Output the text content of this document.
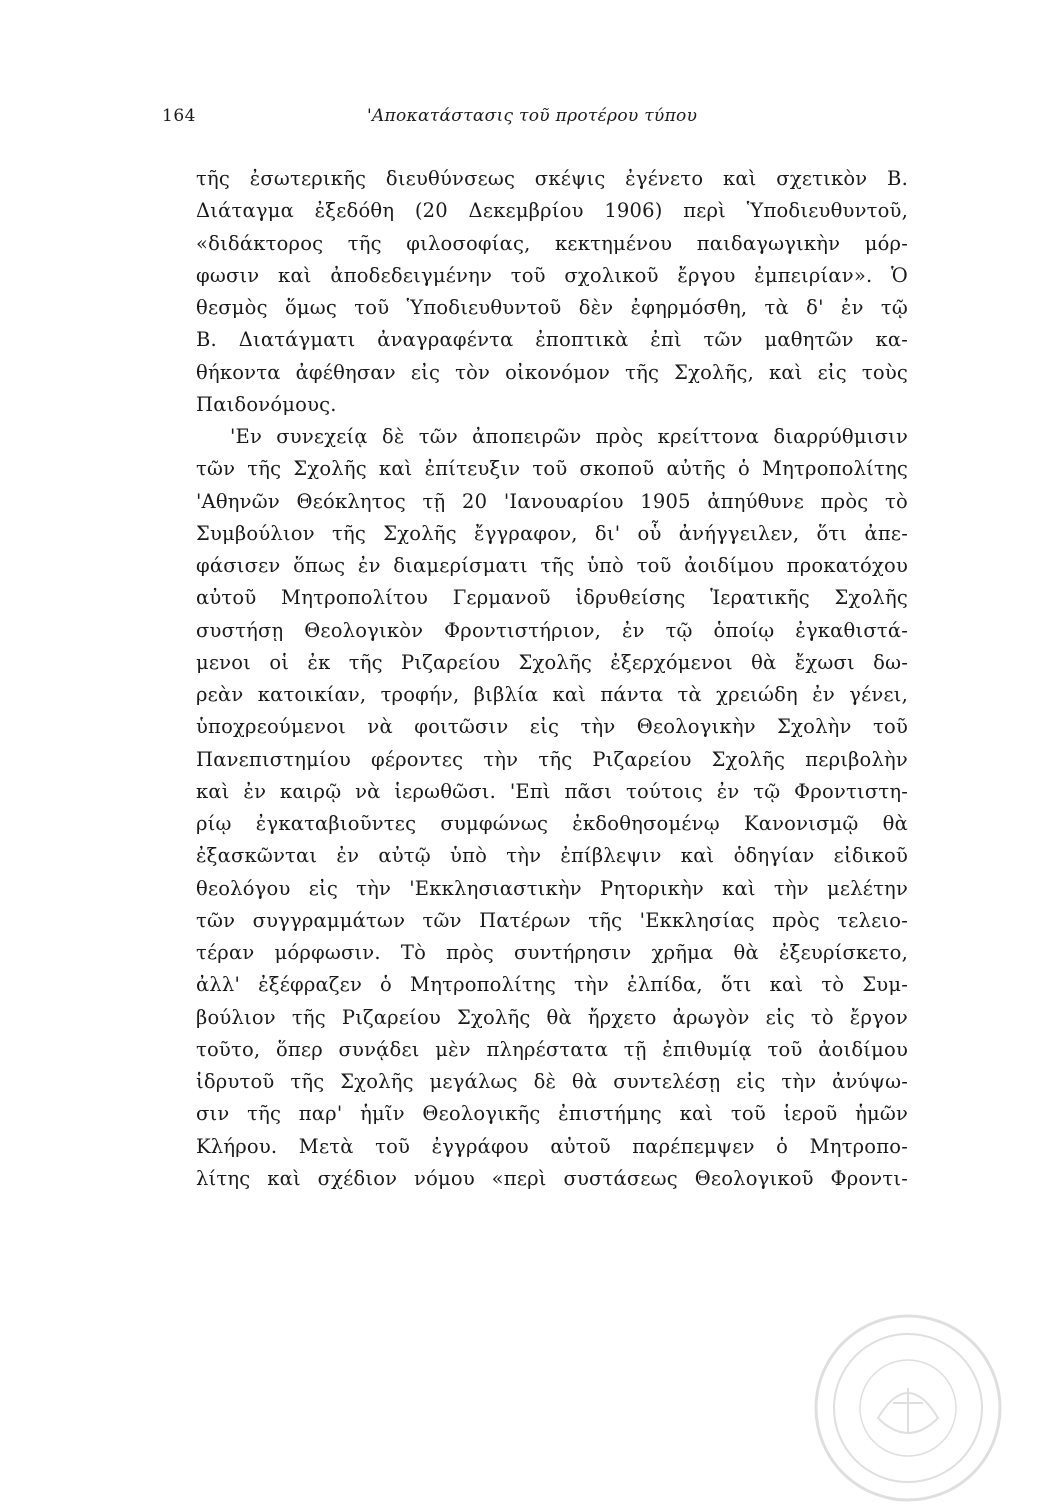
164	'Αποκατάστασις τοῦ προτέρου τύπου
τῆς ἐσωτερικῆς διευθύνσεως σκέψις ἐγένετο καὶ σχετικὸν Β.
Διάταγμα ἐξεδόθη (20 Δεκεμβρίου 1906) περὶ Ὑποδιευθυντοῦ,
«διδάκτορος τῆς φιλοσοφίας, κεκτημένου παιδαγωγικὴν μόρ-
φωσιν καὶ ἀποδεδειγμένην τοῦ σχολικοῦ ἔργου ἐμπειρίαν». Ὁ
θεσμὸς ὅμως τοῦ Ὑποδιευθυντοῦ δὲν ἐφηρμόσθη, τὰ δ' ἐν τῷ
Β. Διατάγματι ἀναγραφέντα ἐποπτικὰ ἐπὶ τῶν μαθητῶν κα-
θήκοντα ἀφέθησαν εἰς τὸν οἰκονόμον τῆς Σχολῆς, καὶ εἰς τοὺς
Παιδονόμους.
'Εν συνεχείᾳ δὲ τῶν ἀποπειρῶν πρὸς κρείττονα διαρρύθμισιν
τῶν τῆς Σχολῆς καὶ ἐπίτευξιν τοῦ σκοποῦ αὐτῆς ὁ Μητροπολίτης
'Αθηνῶν Θεόκλητος τῇ 20 'Ιανουαρίου 1905 ἀπηύθυνε πρὸς τὸ
Συμβούλιον τῆς Σχολῆς ἔγγραφον, δι' οὗ ἀνήγγειλεν, ὅτι ἀπε-
φάσισεν ὅπως ἐν διαμερίσματι τῆς ὑπὸ τοῦ ἀοιδίμου προκατόχου
αὐτοῦ Μητροπολίτου Γερμανοῦ ἱδρυθείσης Ἱερατικῆς Σχολῆς
συστήσῃ Θεολογικὸν Φροντιστήριον, ἐν τῷ ὁποίῳ ἐγκαθιστά-
μενοι οἱ ἐκ τῆς Ριζαρείου Σχολῆς ἐξερχόμενοι θὰ ἔχωσι δω-
ρεὰν κατοικίαν, τροφήν, βιβλία καὶ πάντα τὰ χρειώδη ἐν γένει,
ὑποχρεούμενοι νὰ φοιτῶσιν εἰς τὴν Θεολογικὴν Σχολὴν τοῦ
Πανεπιστημίου φέροντες τὴν τῆς Ριζαρείου Σχολῆς περιβολὴν
καὶ ἐν καιρῷ νὰ ἱερωθῶσι. 'Επὶ πᾶσι τούτοις ἐν τῷ Φροντιστη-
ρίῳ ἐγκαταβιοῦντες συμφώνως ἐκδοθησομένῳ Κανονισμῷ θὰ
ἐξασκῶνται ἐν αὐτῷ ὑπὸ τὴν ἐπίβλεψιν καὶ ὁδηγίαν εἰδικοῦ
θεολόγου εἰς τὴν 'Εκκλησιαστικὴν Ρητορικὴν καὶ τὴν μελέτην
τῶν συγγραμμάτων τῶν Πατέρων τῆς 'Εκκλησίας πρὸς τελειο-
τέραν μόρφωσιν. Τὸ πρὸς συντήρησιν χρῆμα θὰ ἐξευρίσκετο,
ἀλλ' ἐξέφραζεν ὁ Μητροπολίτης τὴν ἐλπίδα, ὅτι καὶ τὸ Συμ-
βούλιον τῆς Ριζαρείου Σχολῆς θὰ ἤρχετο ἀρωγὸν εἰς τὸ ἔργον
τοῦτο, ὅπερ συνᾴδει μὲν πληρέστατα τῇ ἐπιθυμίᾳ τοῦ ἀοιδίμου
ἱδρυτοῦ τῆς Σχολῆς μεγάλως δὲ θὰ συντελέσῃ εἰς τὴν ἀνύψω-
σιν τῆς παρ' ἡμῖν Θεολογικῆς ἐπιστήμης καὶ τοῦ ἱεροῦ ἡμῶν
Κλήρου. Μετὰ τοῦ ἐγγράφου αὐτοῦ παρέπεμψεν ὁ Μητροπο-
λίτης καὶ σχέδιον νόμου «περὶ συστάσεως Θεολογικοῦ Φροντι-
